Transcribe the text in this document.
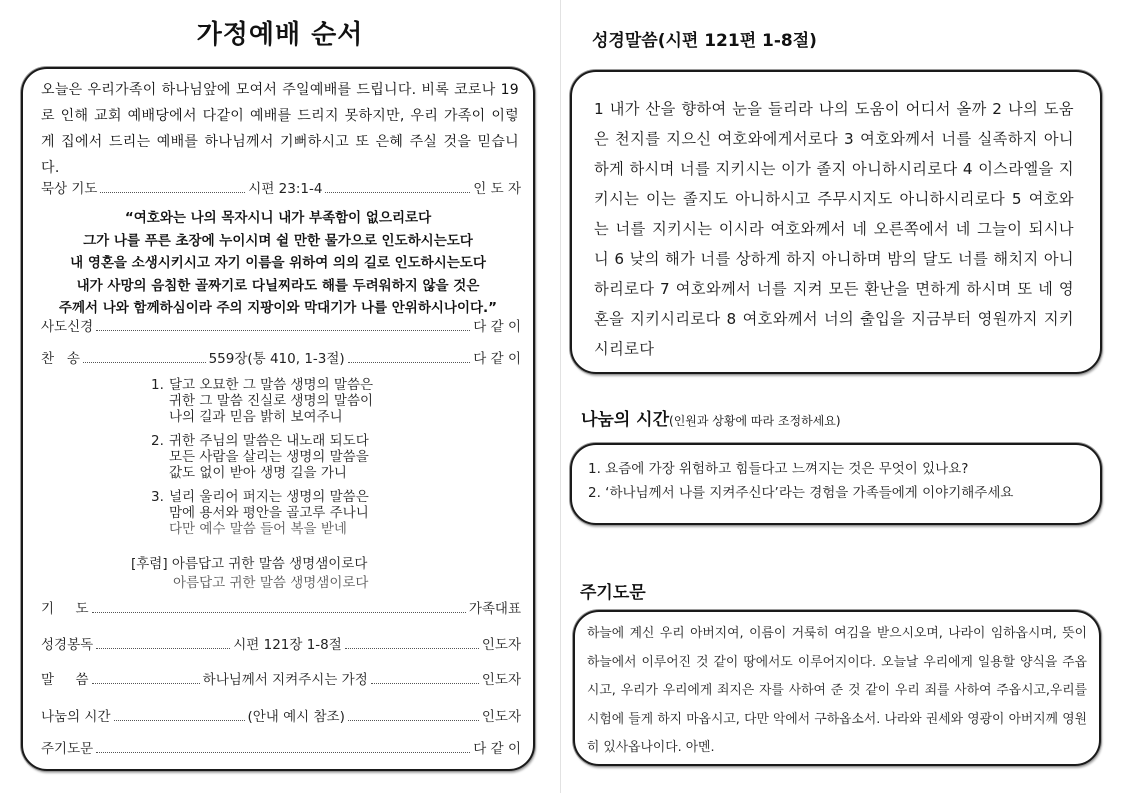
가정예배 순서
오늘은 우리가족이 하나님앞에 모여서 주일예배를 드립니다. 비록 코로나 19로 인해 교회 예배당에서 다같이 예배를 드리지 못하지만, 우리 가족이 이렇게 집에서 드리는 예배를 하나님께서 기뻐하시고 또 은혜 주실 것을 믿습니다.
묵상 기도	시편 23:1-4	인 도 자
“여호와는 나의 목자시니 내가 부족함이 없으리로다
그가 나를 푸른 초장에 누이시며 쉴 만한 물가으로 인도하시는도다
내 영혼을 소생시키시고 자기 이름을 위하여 의의 길로 인도하시는도다
내가 사망의 음침한 골짜기로 다닐찌라도 해를 두려워하지 않을 것은
주께서 나와 함께하심이라 주의 지팡이와 막대기가 나를 안위하시나이다.”
사도신경	다 같 이
찬   송	559장(통 410, 1-3절)	다 같 이
1. 달고 오묘한 그 말씀 생명의 말씀은
귀한 그 말씀 진실로 생명의 말씀이
나의 길과 믿음 밝히 보여주니
2. 귀한 주님의 말씀은 내노래 되도다
모든 사람을 살리는 생명의 말씀을
값도 없이 받아 생명 길을 가니
3. 널리 울리어 퍼지는 생명의 말씀은
맘에 용서와 평안을 골고루 주나니
다만 예수 말씀 들어 복을 받네
[후렴] 아름답고 귀한 말씀 생명샘이로다
아름답고 귀한 말씀 생명샘이로다
기     도	가족대표
성경봉독	시편 121장 1-8절	인도자
말     씀	하나님께서 지켜주시는 가정	인도자
나눔의 시간	(안내 예시 참조)	인도자
주기도문	다 같 이
성경말씀(시편 121편 1-8절)
1 내가 산을 향하여 눈을 들리라 나의 도움이 어디서 올까 2 나의 도움은 천지를 지으신 여호와에게서로다 3 여호와께서 너를 실족하지 아니하게 하시며 너를 지키시는 이가 졸지 아니하시리로다 4 이스라엘을 지키시는 이는 졸지도 아니하시고 주무시지도 아니하시리로다 5 여호와는 너를 지키시는 이시라 여호와께서 네 오른쪽에서 네 그늘이 되시나니 6 낮의 해가 너를 상하게 하지 아니하며 밤의 달도 너를 해치지 아니하리로다 7 여호와께서 너를 지켜 모든 환난을 면하게 하시며 또 네 영혼을 지키시리로다 8 여호와께서 너의 출입을 지금부터 영원까지 지키시리로다
나눔의 시간(인원과 상황에 따라 조정하세요)
1. 요즘에 가장 위험하고 힘들다고 느껴지는 것은 무엇이 있나요?
2. ‘하나님께서 나를 지켜주신다’라는 경험을 가족들에게 이야기해주세요
주기도문
하늘에 계신 우리 아버지여, 이름이 거룩히 여김을 받으시오며, 나라이 임하옵시며, 뜻이 하늘에서 이루어진 것 같이 땅에서도 이루어지이다. 오늘날 우리에게 일용할 양식을 주옵시고, 우리가 우리에게 죄지은 자를 사하여 준 것 같이 우리 죄를 사하여 주옵시고,우리를 시험에 들게 하지 마옵시고, 다만 악에서 구하옵소서. 나라와 권세와 영광이 아버지께 영원히 있사옵나이다. 아멘.
